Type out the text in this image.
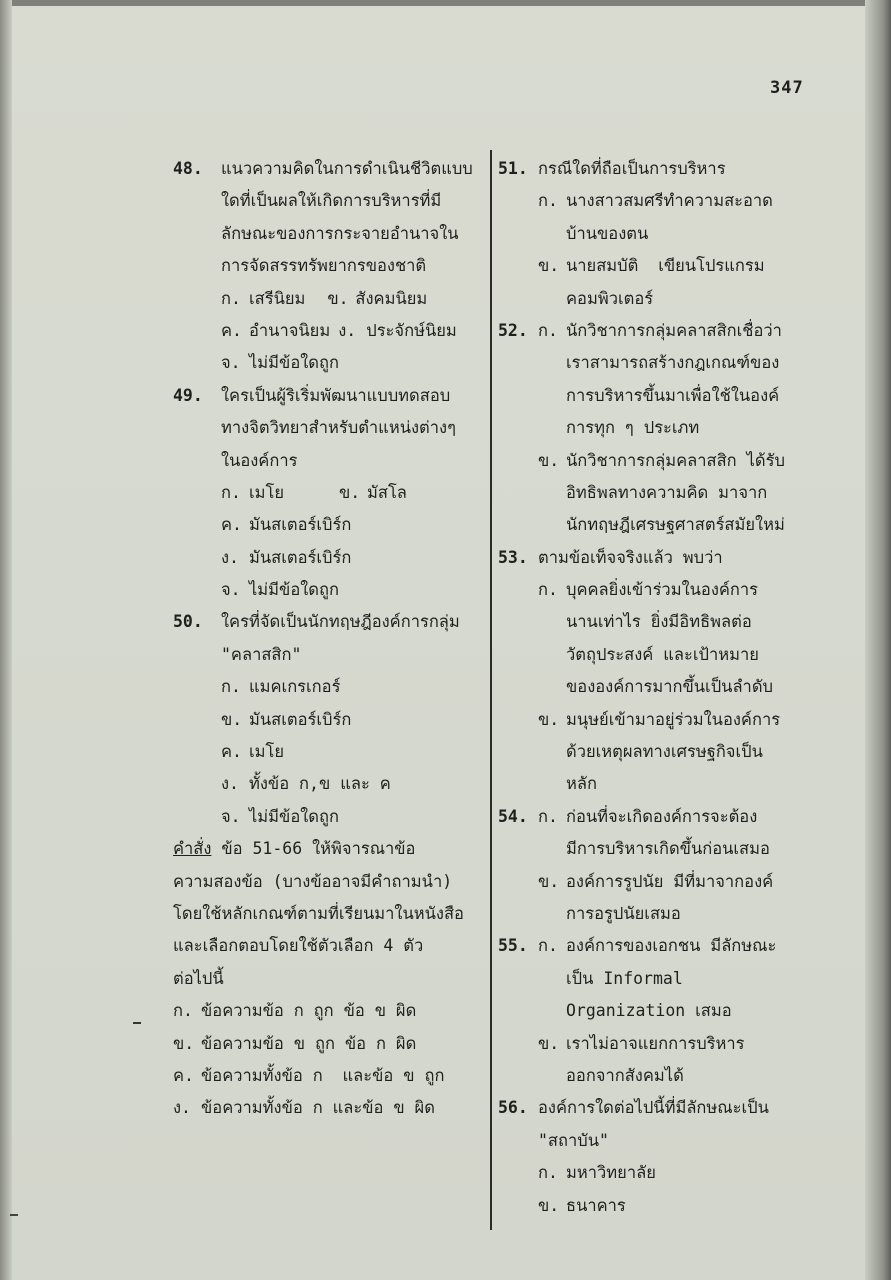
347
48.	แนวความคิดในการดำเนินชีวิตแบบ
ใดที่เป็นผลให้เกิดการบริหารที่มี
ลักษณะของการกระจายอำนาจใน
การจัดสรรทรัพยากรของชาติ
ก. เสรีนิยม ข. สังคมนิยม
ค. อำนาจนิยม ง. ประจักษ์นิยม
จ. ไม่มีข้อใดถูก
49.	ใครเป็นผู้ริเริ่มพัฒนาแบบทดสอบ
ทางจิตวิทยาสำหรับตำแหน่งต่างๆ
ในองค์การ
ก. เมโย	ข. มัสโล
ค. มันสเตอร์เบิร์ก
ง. มันสเตอร์เบิร์ก
จ. ไม่มีข้อใดถูก
50.	ใครที่จัดเป็นนักทฤษฎีองค์การกลุ่ม
"คลาสสิก"
ก. แมคเกรเกอร์
ข. มันสเตอร์เบิร์ก
ค. เมโย
ง. ทั้งข้อ ก,ข และ ค
จ. ไม่มีข้อใดถูก
คำสั่ง ข้อ 51-66 ให้พิจารณาข้อ
ความสองข้อ (บางข้ออาจมีคำถามนำ)
โดยใช้หลักเกณฑ์ตามที่เรียนมาในหนังสือ
และเลือกตอบโดยใช้ตัวเลือก 4 ตัว
ต่อไปนี้
ก. ข้อความข้อ ก ถูก ข้อ ข ผิด
ข. ข้อความข้อ ข ถูก ข้อ ก ผิด
ค. ข้อความทั้งข้อ ก  และข้อ ข ถูก
ง. ข้อความทั้งข้อ ก และข้อ ข ผิด
51. กรณีใดที่ถือเป็นการบริหาร
ก. นางสาวสมศรีทำความสะอาด
บ้านของตน
ข. นายสมบัติ  เขียนโปรแกรม
คอมพิวเตอร์
52. ก. นักวิชาการกลุ่มคลาสสิกเชื่อว่า
เราสามารถสร้างกฎเกณฑ์ของ
การบริหารขึ้นมาเพื่อใช้ในองค์
การทุก ๆ ประเภท
ข. นักวิชาการกลุ่มคลาสสิก ได้รับ
อิทธิพลทางความคิด มาจาก
นักทฤษฎีเศรษฐศาสตร์สมัยใหม่
53. ตามข้อเท็จจริงแล้ว พบว่า
ก. บุคคลยิ่งเข้าร่วมในองค์การ
นานเท่าไร ยิ่งมีอิทธิพลต่อ
วัตถุประสงค์ และเป้าหมาย
ขององค์การมากขึ้นเป็นลำดับ
ข. มนุษย์เข้ามาอยู่ร่วมในองค์การ
ด้วยเหตุผลทางเศรษฐกิจเป็น
หลัก
54. ก. ก่อนที่จะเกิดองค์การจะต้อง
มีการบริหารเกิดขึ้นก่อนเสมอ
ข. องค์การรูปนัย มีที่มาจากองค์
การอรูปนัยเสมอ
55. ก. องค์การของเอกชน มีลักษณะ
เป็น Informal
Organization เสมอ
ข. เราไม่อาจแยกการบริหาร
ออกจากสังคมได้
56. องค์การใดต่อไปนี้ที่มีลักษณะเป็น
"สถาบัน"
ก. มหาวิทยาลัย
ข. ธนาคาร
